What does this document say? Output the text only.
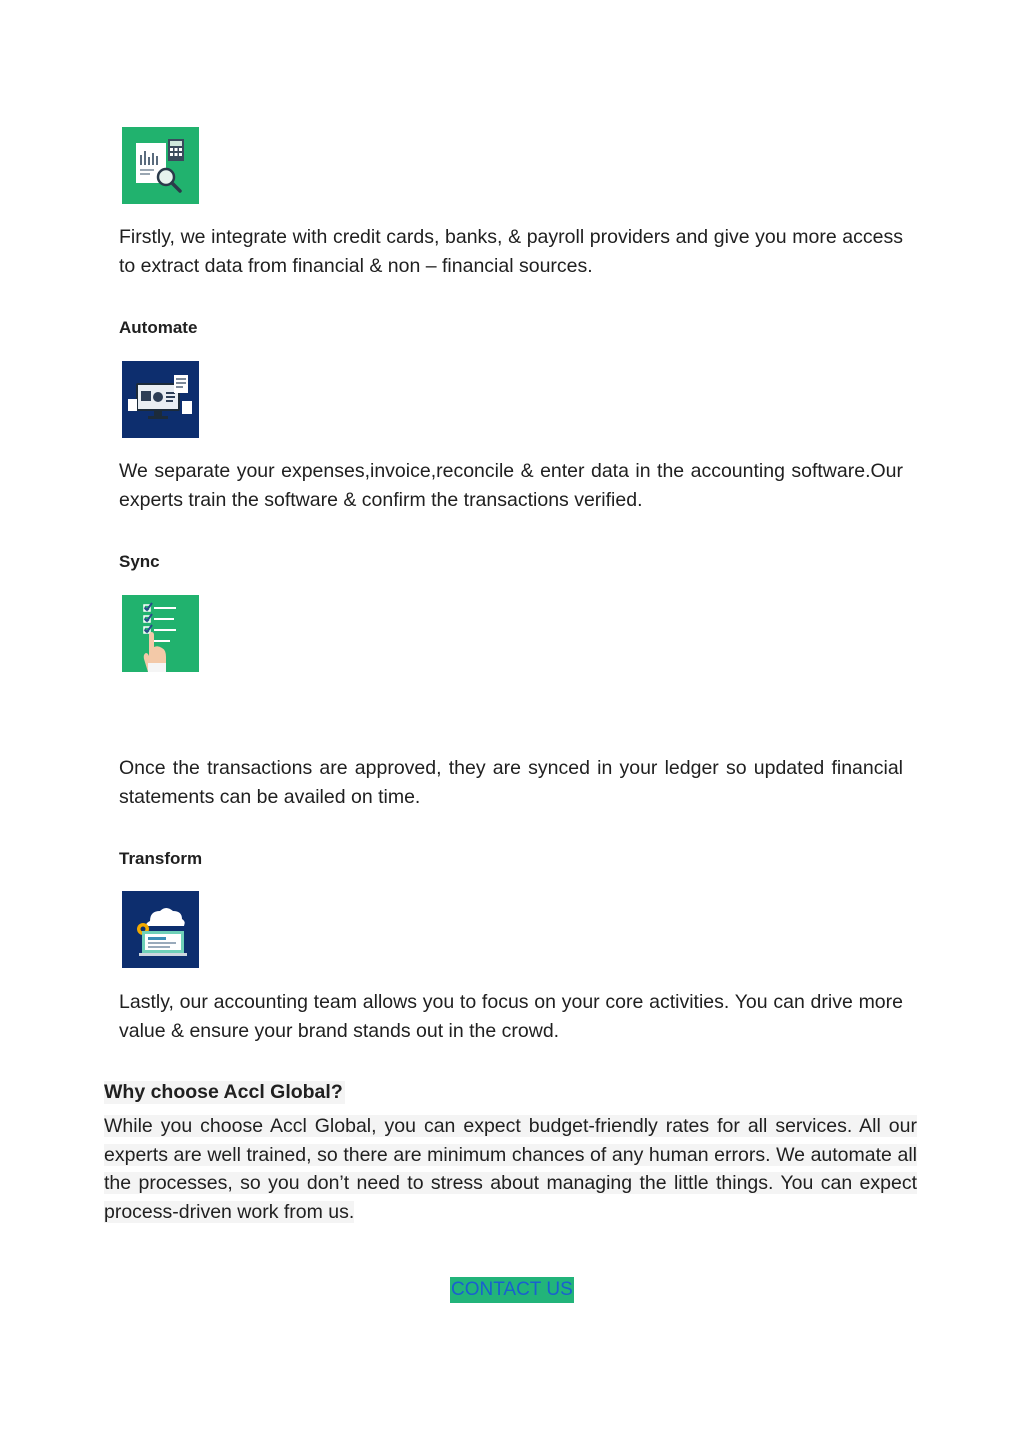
Firstly, we integrate with credit cards, banks, & payroll providers and give you more access to extract data from financial & non – financial sources.

Automate

We separate your expenses,invoice,reconcile & enter data in the accounting software.Our experts train the software & confirm the transactions verified.

Sync

Once the transactions are approved, they are synced in your ledger so updated financial statements can be availed on time.

Transform

Lastly, our accounting team allows you to focus on your core activities. You can drive more value & ensure your brand stands out in the crowd.

Why choose Accl Global?

While you choose Accl Global, you can expect budget-friendly rates for all services. All our experts are well trained, so there are minimum chances of any human errors. We automate all the processes, so you don’t need to stress about managing the little things. You can expect process-driven work from us.

CONTACT US
